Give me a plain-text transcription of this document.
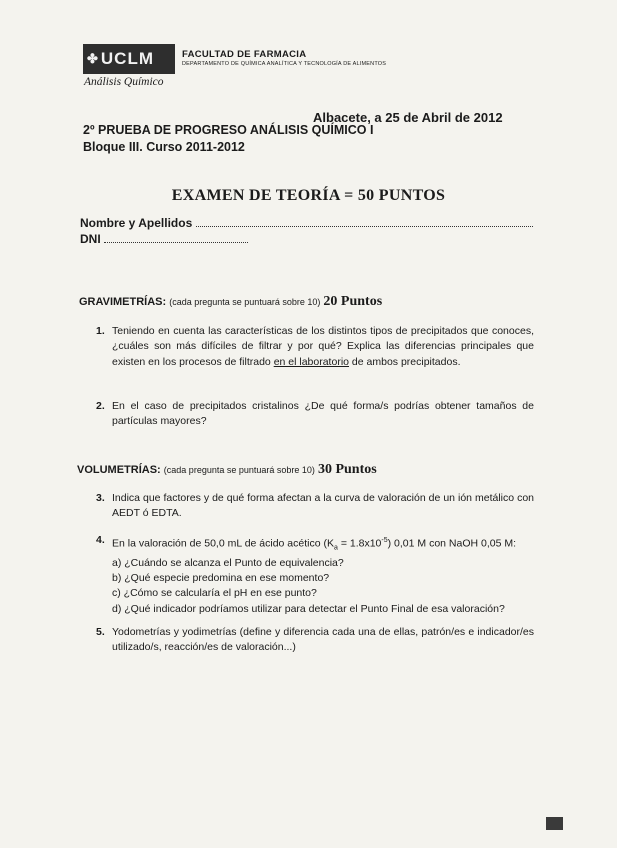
✤ UCLM
Análisis Químico
FACULTAD DE FARMACIA
DEPARTAMENTO DE QUÍMICA ANALÍTICA Y TECNOLOGÍA DE ALIMENTOS
Albacete, a 25 de Abril de 2012
2º PRUEBA DE PROGRESO ANÁLISIS QUÍMICO I
Bloque III. Curso 2011-2012
EXAMEN DE TEORÍA = 50 PUNTOS
Nombre y Apellidos
DNI
GRAVIMETRÍAS: (cada pregunta se puntuará sobre 10) 20 Puntos
1. Teniendo en cuenta las características de los distintos tipos de precipitados que conoces, ¿cuáles son más difíciles de filtrar y por qué? Explica las diferencias principales que existen en los procesos de filtrado en el laboratorio de ambos precipitados.
2. En el caso de precipitados cristalinos ¿De qué forma/s podrías obtener tamaños de partículas mayores?
VOLUMETRÍAS: (cada pregunta se puntuará sobre 10) 30 Puntos
3. Indica que factores y de qué forma afectan a la curva de valoración de un ión metálico con AEDT ó EDTA.
4. En la valoración de 50,0 mL de ácido acético $(K_a = 1.8x10^{-5})$ 0,01 M con NaOH 0,05 M:
a) ¿Cuándo se alcanza el Punto de equivalencia?
b) ¿Qué especie predomina en ese momento?
c) ¿Cómo se calcularía el pH en ese punto?
d) ¿Qué indicador podríamos utilizar para detectar el Punto Final de esa valoración?
5. Yodometrías y yodimetrías (define y diferencia cada una de ellas, patrón/es e indicador/es utilizado/s, reacción/es de valoración...)
